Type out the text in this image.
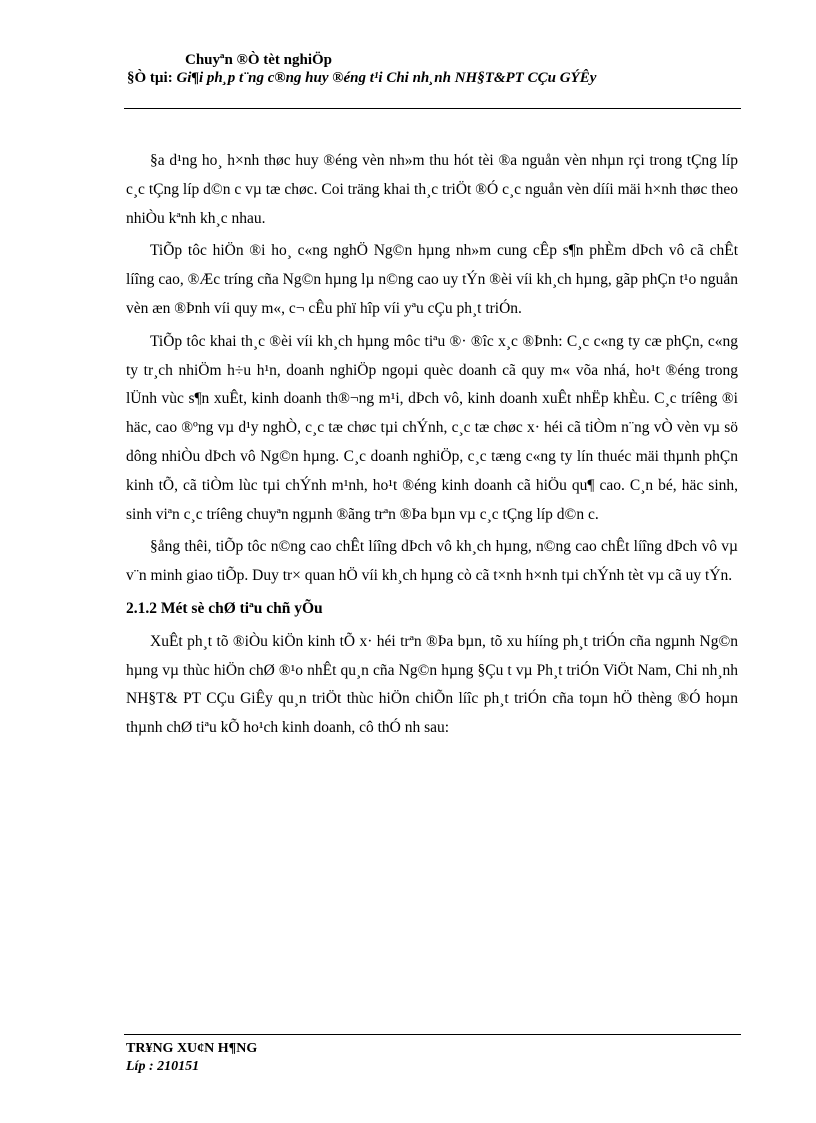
Chuyªn ®Ò tèt nghiÖp
§Ò tµi: Gi¶i ph¸p t¨ng c®ng huy ®éng t¹i Chi nh¸nh NH§T&PT CÇu GÝÊy

§a d¹ng ho¸ h×nh thøc huy ®éng vèn nh»m thu hót tèi ®a nguån vèn nhµn rçi trong tÇng líp c¸c tÇng líp d©n c vµ tæ chøc. Coi träng khai th¸c triÖt ®Ó c¸c nguån vèn dííi mäi h×nh thøc theo nhiÒu kªnh kh¸c nhau.

TiÕp tôc hiÖn ®i ho¸ c«ng nghÖ Ng©n hµng nh»m cung cÊp s¶n phÈm dÞch vô cã chÊt líîng cao, ®Æc tríng cña Ng©n hµng lµ n©ng cao uy tÝn ®èi víi kh¸ch hµng, gãp phÇn t¹o nguån vèn æn ®Þnh víi quy m«, c¬ cÊu phï hîp víi yªu cÇu ph¸t triÓn.

TiÕp tôc khai th¸c ®èi víi kh¸ch hµng môc tiªu ®· ®îc x¸c ®Þnh: C¸c c«ng ty cæ phÇn, c«ng ty tr¸ch nhiÖm h÷u h¹n, doanh nghiÖp ngoµi quèc doanh cã quy m« võa nhá, ho¹t ®éng trong lÜnh vùc s¶n xuÊt, kinh doanh th®¬ng m¹i, dÞch vô, kinh doanh xuÊt nhËp khÈu. C¸c tríêng ®i häc, cao ®ºng vµ d¹y nghÒ, c¸c tæ chøc tµi chÝnh, c¸c tæ chøc x· héi cã tiÒm n¨ng vÒ vèn vµ sö dông nhiÒu dÞch vô Ng©n hµng. C¸c doanh nghiÖp, c¸c tæng c«ng ty lín thuéc mäi thµnh phÇn kinh tÕ, cã tiÒm lùc tµi chÝnh m¹nh, ho¹t ®éng kinh doanh cã hiÖu qu¶ cao. C¸n bé, häc sinh, sinh viªn c¸c tríêng chuyªn ngµnh ®ãng trªn ®Þa bµn vµ c¸c tÇng líp d©n c.

§ång thêi, tiÕp tôc n©ng cao chÊt líîng dÞch vô kh¸ch hµng, n©ng cao chÊt líîng dÞch vô vµ v¨n minh giao tiÕp. Duy tr× quan hÖ víi kh¸ch hµng cò cã t×nh h×nh tµi chÝnh tèt vµ cã uy tÝn.

2.1.2 Mét sè chØ tiªu chñ yÕu

XuÊt ph¸t tõ ®iÒu kiÖn kinh tÕ x· héi trªn ®Þa bµn, tõ xu hííng ph¸t triÓn cña ngµnh Ng©n hµng vµ thùc hiÖn chØ ®¹o nhÊt qu¸n cña Ng©n hµng §Çu t vµ Ph¸t triÓn ViÖt Nam, Chi nh¸nh NH§T& PT CÇu GiÊy qu¸n triÖt thùc hiÖn chiÕn líîc ph¸t triÓn cña toµn hÖ thèng ®Ó hoµn thµnh chØ tiªu kÕ ho¹ch kinh doanh, cô thÓ nh sau:

TR¥NG XU¢N H¶NG
Líp : 210151
